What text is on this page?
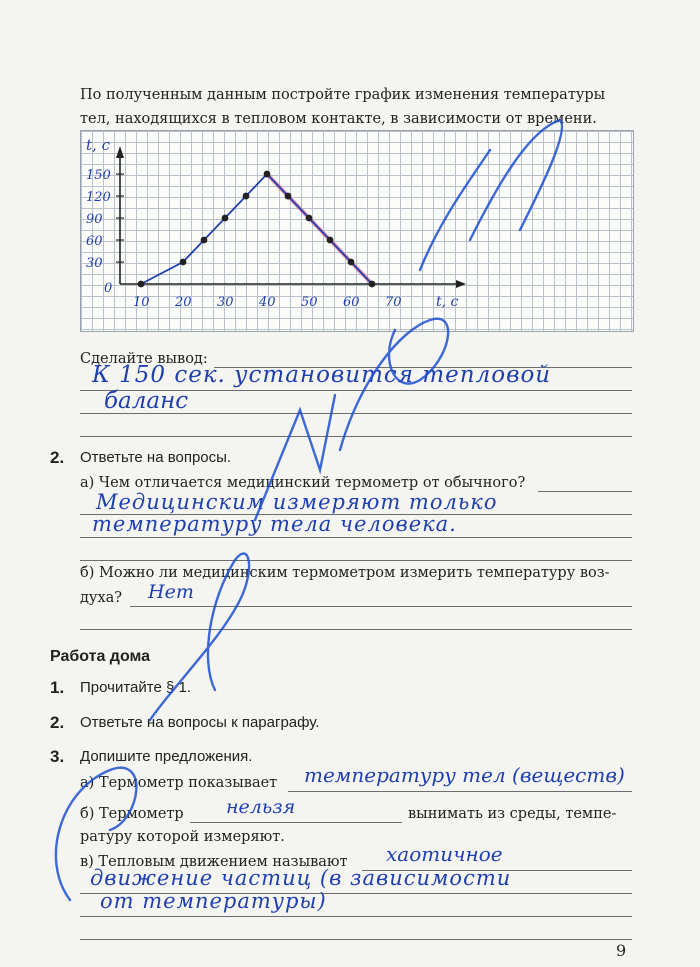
По полученным данным постройте график изменения температуры
тел, находящихся в тепловом контакте, в зависимости от времени.
150
120
90
60
30
10 20 30 40 50 60 70
t, c
t, c
0
Сделайте вывод:
К 150 сек. установится тепловой
баланс
2. Ответьте на вопросы.
а) Чем отличается медицинский термометр от обычного?
Медицинским измеряют только
температуру тела человека.
б) Можно ли медицинским термометром измерить температуру воз-
духа? Нет
Работа дома
1. Прочитайте § 1.
2. Ответьте на вопросы к параграфу.
3. Допишите предложения.
а) Термометр показывает температуру тел (веществ)
б) Термометр нельзя	вынимать из среды, темпе-
ратуру которой измеряют.
в) Тепловым движением называют хаотичное
движение частиц (в зависимости
от температуры)
9
